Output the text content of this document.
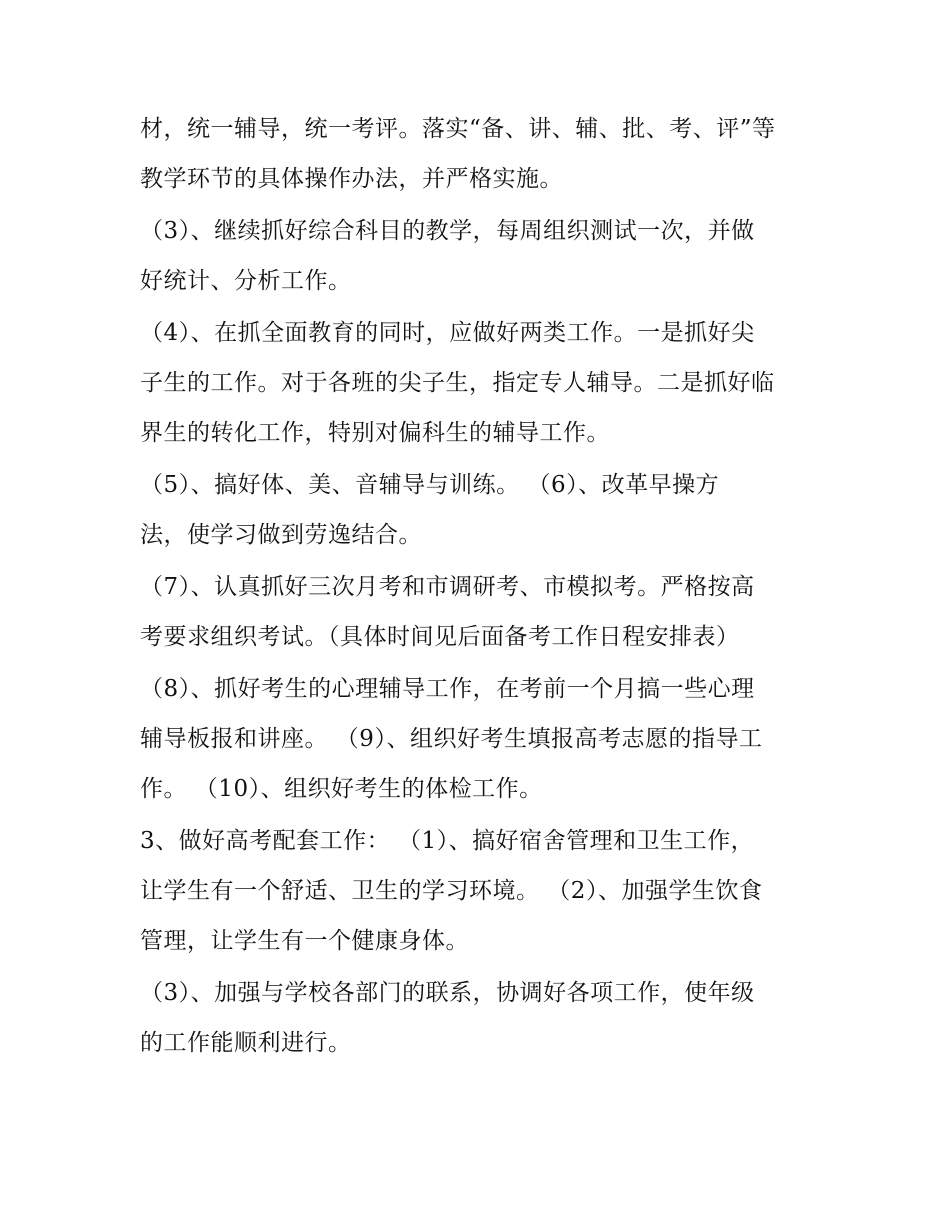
材，统一辅导，统一考评。落实“备、讲、辅、批、考、评”等
教学环节的具体操作办法，并严格实施。
（3）、继续抓好综合科目的教学，每周组织测试一次，并做
好统计、分析工作。
（4）、在抓全面教育的同时，应做好两类工作。一是抓好尖
子生的工作。对于各班的尖子生，指定专人辅导。二是抓好临
界生的转化工作，特别对偏科生的辅导工作。
（5）、搞好体、美、音辅导与训练。 （6）、改革早操方
法，使学习做到劳逸结合。
（7）、认真抓好三次月考和市调研考、市模拟考。严格按高
考要求组织考试。（具体时间见后面备考工作日程安排表）
（8）、抓好考生的心理辅导工作，在考前一个月搞一些心理
辅导板报和讲座。 （9）、组织好考生填报高考志愿的指导工
作。 （10）、组织好考生的体检工作。
3、做好高考配套工作： （1）、搞好宿舍管理和卫生工作，
让学生有一个舒适、卫生的学习环境。 （2）、加强学生饮食
管理，让学生有一个健康身体。
（3）、加强与学校各部门的联系，协调好各项工作，使年级
的工作能顺利进行。
